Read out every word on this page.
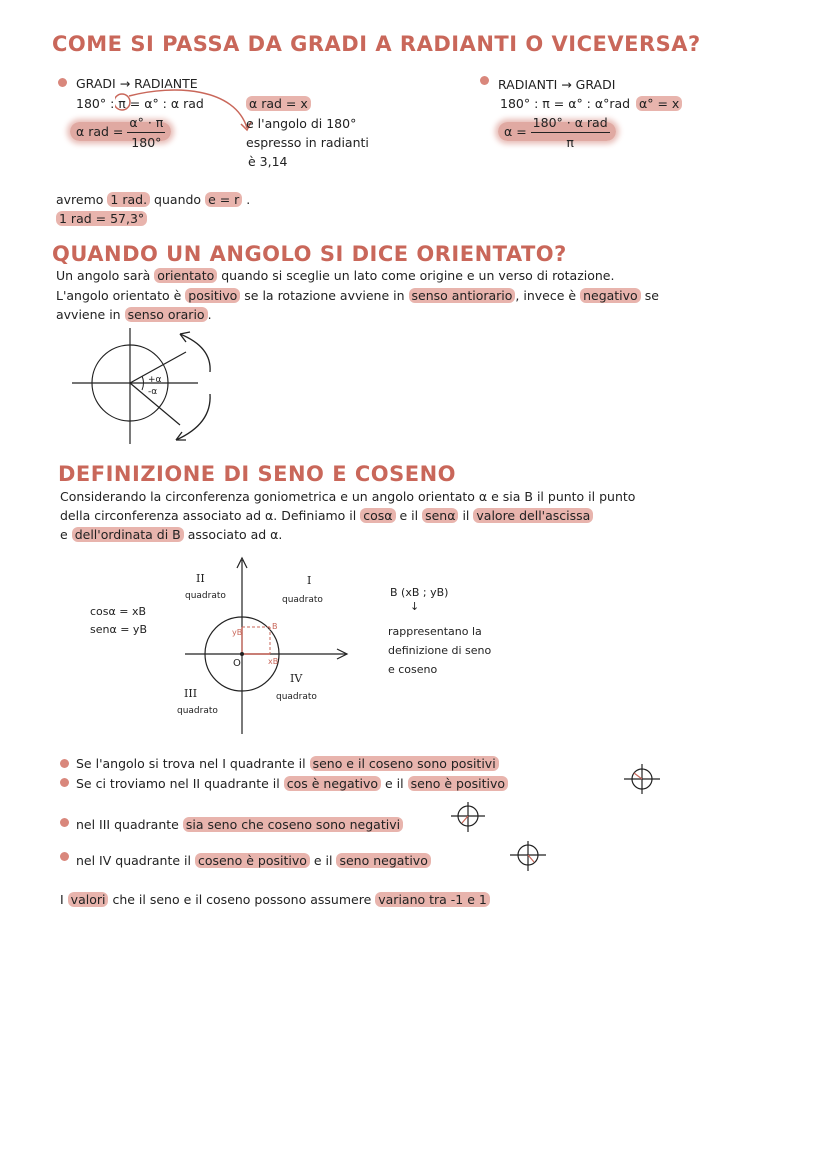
COME SI PASSA DA GRADI A RADIANTI O VICEVERSA?
GRADI → RADIANTE
180° : π = α° : α rad
α rad = $\frac{\alpha^\circ \cdot \pi}{180^\circ}$
α rad = x
e l'angolo di 180°
espresso in radianti
è 3,14
RADIANTI → GRADI
180° : π = α° : α°rad α° = x
$\alpha = \frac{\text{180° · α rad}}{\pi}$
avremo 1 rad. quando e = r .
1 rad = 57,3°
QUANDO UN ANGOLO SI DICE ORIENTATO?
Un angolo sarà orientato quando si sceglie un lato come origine e un verso di rotazione.
L'angolo orientato è positivo se la rotazione avviene in senso antiorario , invece è negativo se
avviene in senso orario .
+α
-α
DEFINIZIONE DI SENO E COSENO
Considerando la circonferenza goniometrica e un angolo orientato α e sia B il punto il punto
della circonferenza associato ad α. Definiamo il cosα e il senα il valore dell'ascissa
e dell'ordinata di B associato ad α.
cosα = xB
senα = yB	yB
B
xB
O
II
quadrato
I
quadrato
III
quadrato
IV
quadrato
B (xB ; yB)
↓
rappresentano la
definizione di seno
e coseno
Se l'angolo si trova nel I quadrante il seno e il coseno sono positivi
Se ci troviamo nel II quadrante il cos è negativo e il seno è positivo
nel III quadrante sia seno che coseno sono negativi
nel IV quadrante il coseno è positivo e il seno negativo
I valori che il seno e il coseno possono assumere variano tra -1 e 1
